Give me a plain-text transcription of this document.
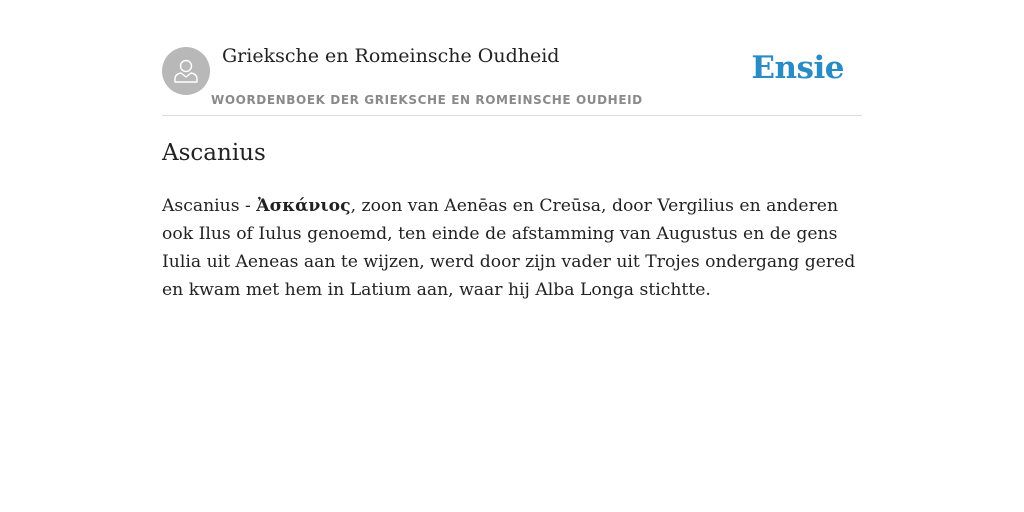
Grieksche en Romeinsche Oudheid
WOORDENBOEK DER GRIEKSCHE EN ROMEINSCHE OUDHEID
Ensie
Ascanius

Ascanius - Ἀσκάνιος, zoon van Aenēas en Creūsa, door Vergilius en anderen ook Ilus of Iulus genoemd, ten einde de afstamming van Augustus en de gens Iulia uit Aeneas aan te wijzen, werd door zijn vader uit Trojes ondergang gered en kwam met hem in Latium aan, waar hij Alba Longa stichtte.
